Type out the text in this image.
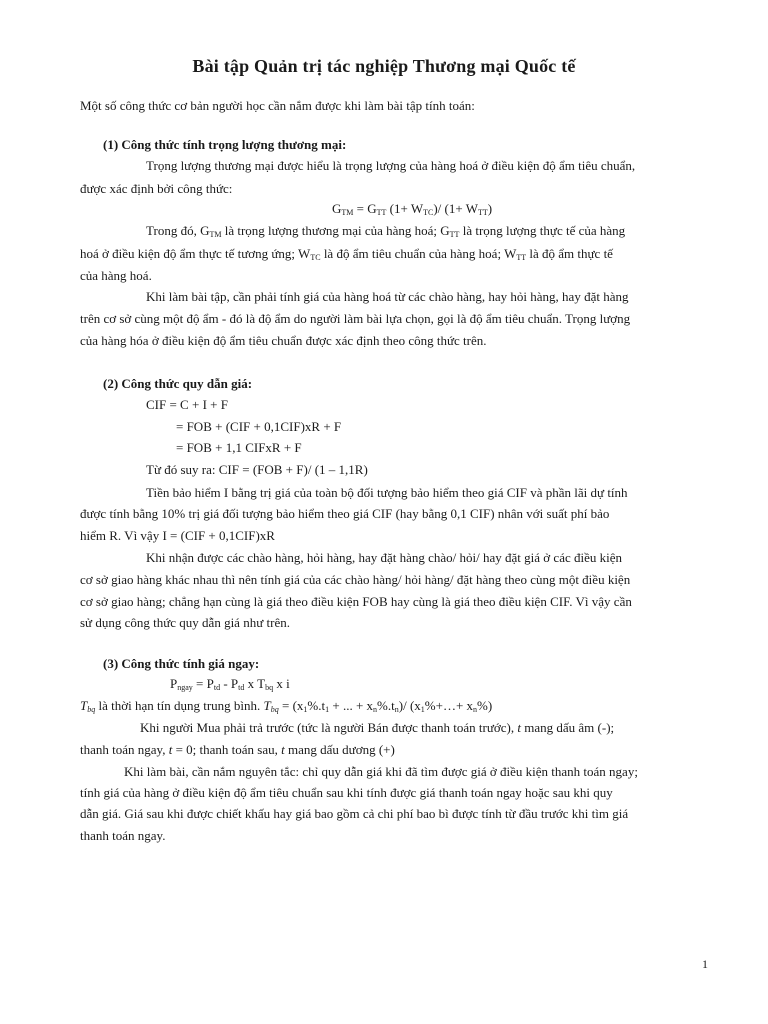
Bài tập Quản trị tác nghiệp Thương mại Quốc tế
Một số công thức cơ bản người học cần nắm được khi làm bài tập tính toán:
(1) Công thức tính trọng lượng thương mại:
Trọng lượng thương mại được hiểu là trọng lượng của hàng hoá ở điều kiện độ ẩm tiêu chuẩn,
được xác định bởi công thức:
$G_{TM} = G_{TT}$ $(1+ W_{TC})/$ $(1+ W_{TT})$
Trong đó, $G_{TM}$ là trọng lượng thương mại của hàng hoá; $G_{TT}$ là trọng lượng thực tế của hàng
hoá ở điều kiện độ ẩm thực tế tương ứng; $W_{TC}$ là độ ẩm tiêu chuẩn của hàng hoá; $W_{TT}$ là độ ẩm thực tế
của hàng hoá.
Khi làm bài tập, cần phải tính giá của hàng hoá từ các chào hàng, hay hỏi hàng, hay đặt hàng
trên cơ sở cùng một độ ẩm - đó là độ ẩm do người làm bài lựa chọn, gọi là độ ẩm tiêu chuẩn. Trọng lượng
của hàng hóa ở điều kiện độ ẩm tiêu chuẩn được xác định theo công thức trên.
(2) Công thức quy dẫn giá:
CIF = C + I + F
= FOB + (CIF + 0,1CIF)xR + F
= FOB + 1,1 CIFxR + F
Từ đó suy ra: CIF = (FOB + F)/ (1 – 1,1R)
Tiền bảo hiểm I bằng trị giá của toàn bộ đối tượng bảo hiểm theo giá CIF và phần lãi dự tính
được tính bằng 10% trị giá đối tượng bảo hiểm theo giá CIF (hay bằng 0,1 CIF) nhân với suất phí bảo
hiểm R. Vì vậy I = (CIF + 0,1CIF)xR
Khi nhận được các chào hàng, hỏi hàng, hay đặt hàng chào/ hỏi/ hay đặt giá ở các điều kiện
cơ sở giao hàng khác nhau thì nên tính giá của các chào hàng/ hỏi hàng/ đặt hàng theo cùng một điều kiện
cơ sở giao hàng; chẳng hạn cùng là giá theo điều kiện FOB hay cùng là giá theo điều kiện CIF. Vì vậy cần
sử dụng công thức quy dẫn giá như trên.
(3) Công thức tính giá ngay:
$P_{ngay} = P_{td} - P_{td}$ x $T_{bq}$ x i
$T_{bq}$ là thời hạn tín dụng trung bình. $T_{bq} = (x_1\%.t_1$ + ... + $x_n\%.t_n)/$ $(x_1\%+\dots+ x_n\%)$
Khi người Mua phải trả trước (tức là người Bán được thanh toán trước), t mang dấu âm (-);
thanh toán ngay, t = 0; thanh toán sau, t mang dấu dương (+)
Khi làm bài, cần nắm nguyên tắc: chỉ quy dẫn giá khi đã tìm được giá ở điều kiện thanh toán ngay;
tính giá của hàng ở điều kiện độ ẩm tiêu chuẩn sau khi tính được giá thanh toán ngay hoặc sau khi quy
dẫn giá. Giá sau khi được chiết khấu hay giá bao gồm cả chi phí bao bì được tính từ đầu trước khi tìm giá
thanh toán ngay.
1
